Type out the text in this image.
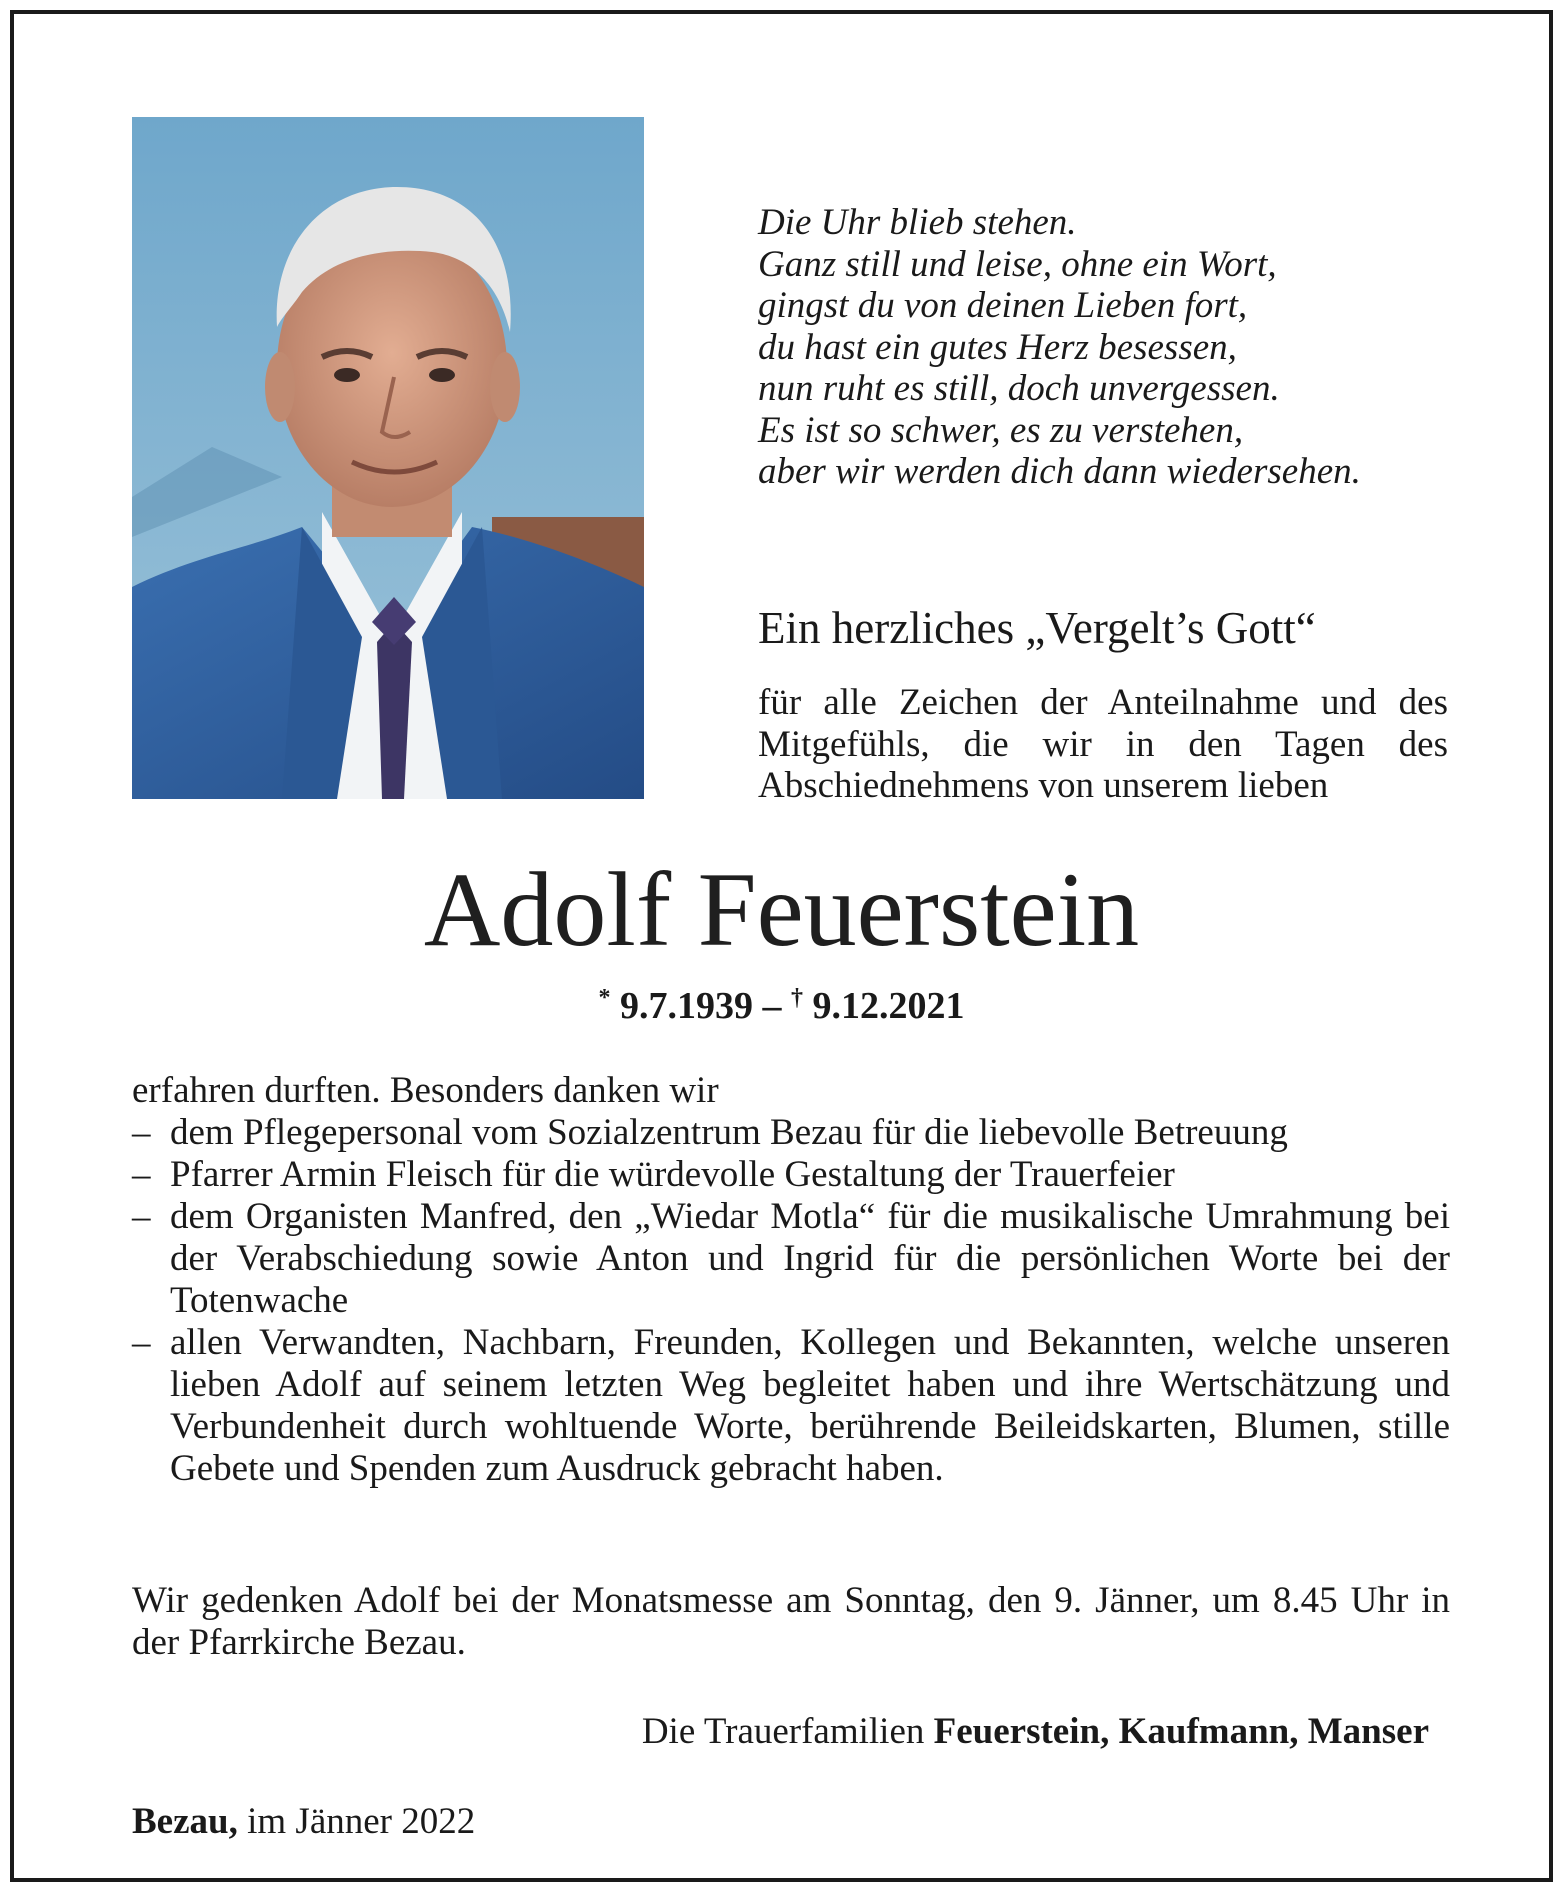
Die Uhr blieb stehen.
Ganz still und leise, ohne ein Wort,
gingst du von deinen Lieben fort,
du hast ein gutes Herz besessen,
nun ruht es still, doch unvergessen.
Es ist so schwer, es zu verstehen,
aber wir werden dich dann wiedersehen.
Ein herzliches „Vergelt’s Gott“
für alle Zeichen der Anteilnahme und des Mitgefühls, die wir in den Tagen des Abschiednehmens von unserem lieben
Adolf Feuerstein
* 9.7.1939 – † 9.12.2021

erfahren durften. Besonders danken wir

– dem Pflegepersonal vom Sozialzentrum Bezau für die liebevolle Betreuung
– Pfarrer Armin Fleisch für die würdevolle Gestaltung der Trauerfeier
– dem Organisten Manfred, den „Wiedar Motla“ für die musikalische Umrahmung bei der Verabschiedung sowie Anton und Ingrid für die persönlichen Worte bei der Totenwache
– allen Verwandten, Nachbarn, Freunden, Kollegen und Bekannten, welche unseren lieben Adolf auf seinem letzten Weg begleitet haben und ihre Wertschätzung und Verbundenheit durch wohltuende Worte, berührende Beileidskarten, Blumen, stille Gebete und Spenden zum Ausdruck gebracht haben.
Wir gedenken Adolf bei der Monatsmesse am Sonntag, den 9. Jänner, um 8.45 Uhr in der Pfarrkirche Bezau.
Die Trauerfamilien Feuerstein, Kaufmann, Manser
Bezau, im Jänner 2022
